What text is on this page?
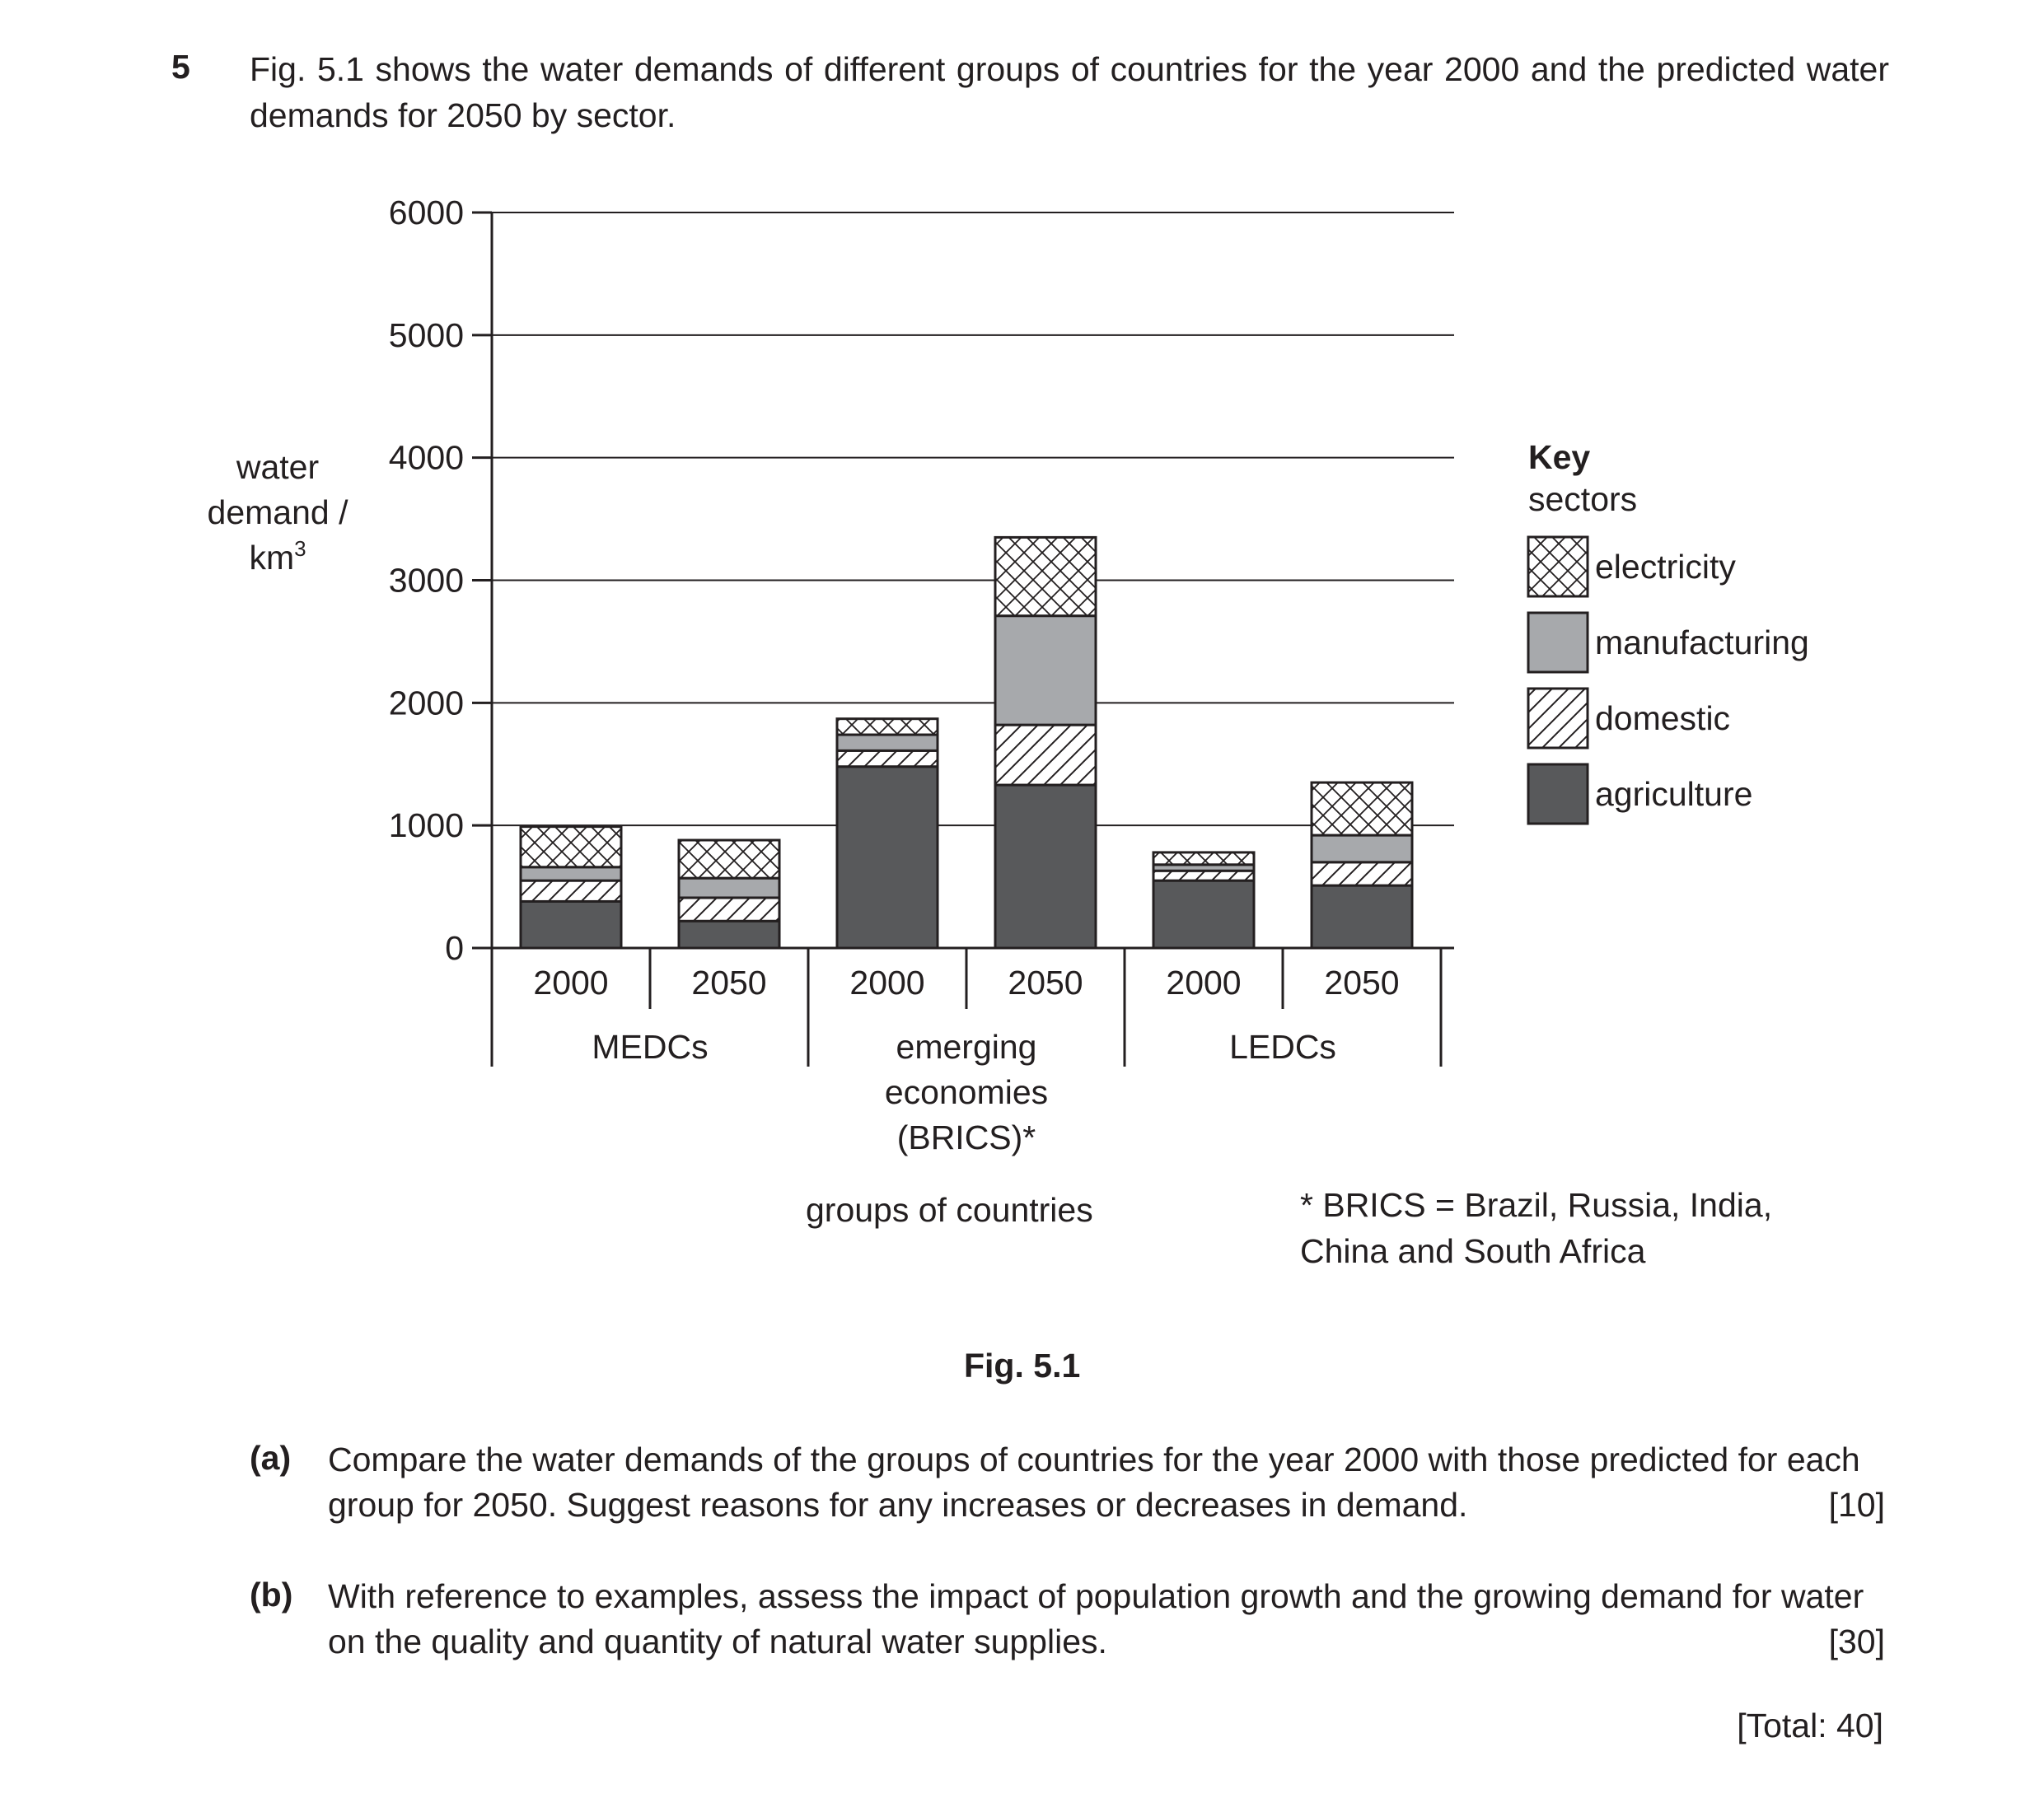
5 Fig. 5.1 shows the water demands of different groups of countries for the year 2000 and the predicted water demands for 2050 by sector.
6000
5000
4000
3000
2000
1000
0
2000 2050
MEDCs
2000 2050
emerging
economies
(BRICS)*
2000 2050
LEDCs
water
demand /
$km^3$
Key
sectors
electricity
manufacturing
domestic
agriculture
groups of countries	* BRICS = Brazil, Russia, India,
China and South Africa
Fig. 5.1
(a) Compare the water demands of the groups of countries for the year 2000 with those predicted for each group for 2050. Suggest reasons for any increases or decreases in demand.	[10]
(b) With reference to examples, assess the impact of population growth and the growing demand for water on the quality and quantity of natural water supplies.	[30]
[Total: 40]
